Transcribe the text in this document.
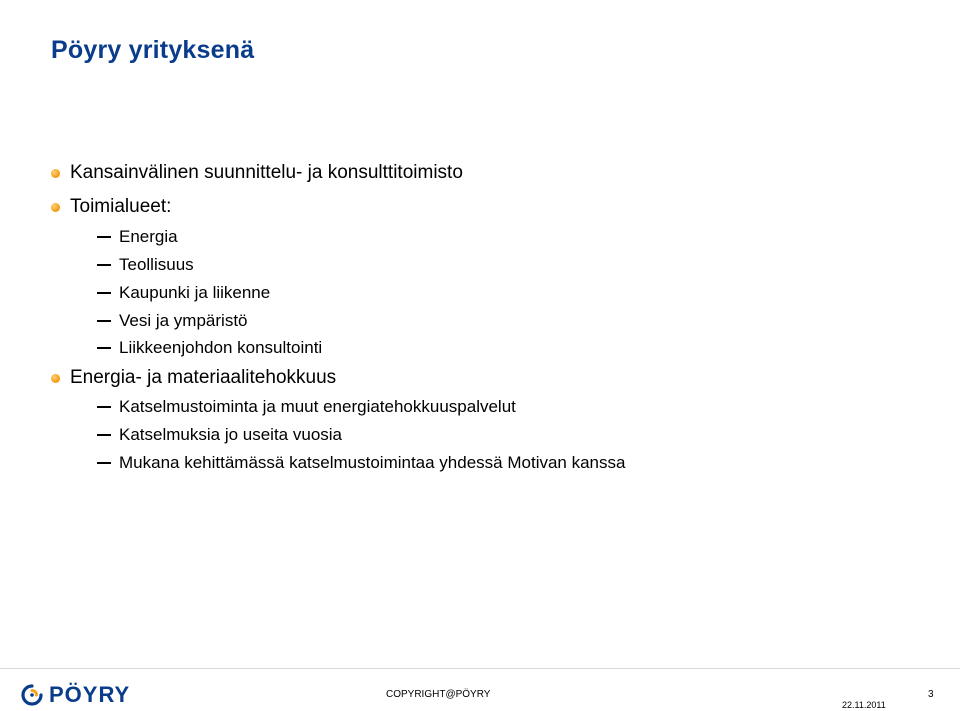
Pöyry yrityksenä
Kansainvälinen suunnittelu- ja konsulttitoimisto
Toimialueet:
Energia
Teollisuus
Kaupunki ja liikenne
Vesi ja ympäristö
Liikkeenjohdon konsultointi
Energia- ja materiaalitehokkuus
Katselmustoiminta ja muut energiatehokkuuspalvelut
Katselmuksia jo useita vuosia
Mukana kehittämässä katselmustoimintaa yhdessä Motivan kanssa
PÖYRY	COPYRIGHT@PÖYRY
22.11.2011
3
